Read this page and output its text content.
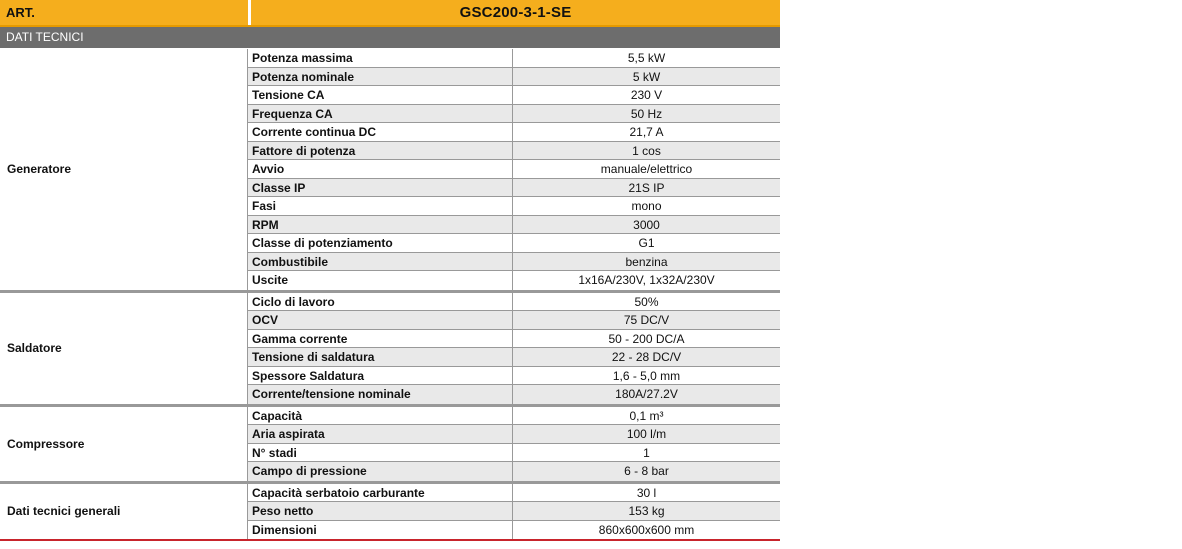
ART.	GSC200-3-1-SE
DATI TECNICI
Generatore
Potenza massima	5,5 kW
Potenza nominale	5 kW
Tensione CA	230 V
Frequenza CA	50 Hz
Corrente continua DC	21,7 A
Fattore di potenza	1 cos
Avvio	manuale/elettrico
Classe IP	21S IP
Fasi	mono
RPM	3000
Classe di potenziamento	G1
Combustibile	benzina
Uscite	1x16A/230V, 1x32A/230V
Saldatore
Ciclo di lavoro	50%
OCV	75 DC/V
Gamma corrente	50 - 200 DC/A
Tensione di saldatura	22 - 28 DC/V
Spessore Saldatura	1,6 - 5,0 mm
Corrente/tensione nominale	180A/27.2V
Compressore
Capacità	0,1 m³
Aria aspirata	100 l/m
N° stadi	1
Campo di pressione	6 - 8 bar
Dati tecnici generali
Capacità serbatoio carburante	30 l
Peso netto	153 kg
Dimensioni	860x600x600 mm
